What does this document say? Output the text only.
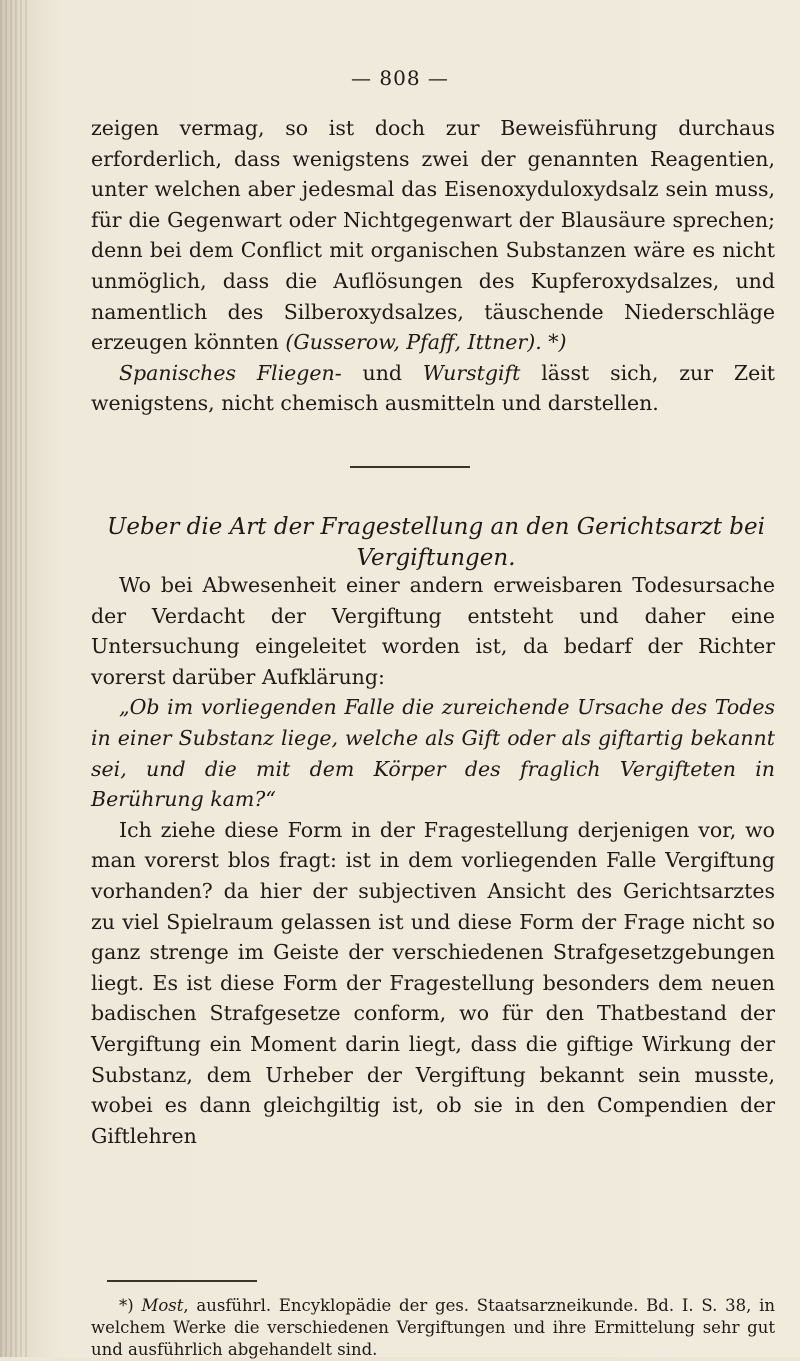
— 808 —

zeigen vermag, so ist doch zur Beweisführung durchaus erforderlich, dass wenigstens zwei der genannten Reagentien, unter welchen aber jedesmal das Eisenoxyduloxydsalz sein muss, für die Gegenwart oder Nichtgegenwart der Blausäure sprechen; denn bei dem Conflict mit organischen Substanzen wäre es nicht unmöglich, dass die Auflösungen des Kupferoxydsalzes, und namentlich des Silberoxydsalzes, täuschende Niederschläge erzeugen könnten (Gusserow, Pfaff, Ittner). *)

Spanisches Fliegen- und Wurstgift lässt sich, zur Zeit wenigstens, nicht chemisch ausmitteln und darstellen.

Ueber die Art der Fragestellung an den Gerichtsarzt bei Vergiftungen.

Wo bei Abwesenheit einer andern erweisbaren Todesursache der Verdacht der Vergiftung entsteht und daher eine Untersuchung eingeleitet worden ist, da bedarf der Richter vorerst darüber Aufklärung:

„Ob im vorliegenden Falle die zureichende Ursache des Todes in einer Substanz liege, welche als Gift oder als giftartig bekannt sei, und die mit dem Körper des fraglich Vergifteten in Berührung kam?“

Ich ziehe diese Form in der Fragestellung derjenigen vor, wo man vorerst blos fragt: ist in dem vorliegenden Falle Vergiftung vorhanden? da hier der subjectiven Ansicht des Gerichtsarztes zu viel Spielraum gelassen ist und diese Form der Frage nicht so ganz strenge im Geiste der verschiedenen Strafgesetzgebungen liegt. Es ist diese Form der Fragestellung besonders dem neuen badischen Strafgesetze conform, wo für den Thatbestand der Vergiftung ein Moment darin liegt, dass die giftige Wirkung der Substanz, dem Urheber der Vergiftung bekannt sein musste, wobei es dann gleichgiltig ist, ob sie in den Compendien der Giftlehren

*) Most, ausführl. Encyklopädie der ges. Staatsarzneikunde. Bd. I. S. 38, in welchem Werke die verschiedenen Vergiftungen und ihre Ermittelung sehr gut und ausführlich abgehandelt sind.
